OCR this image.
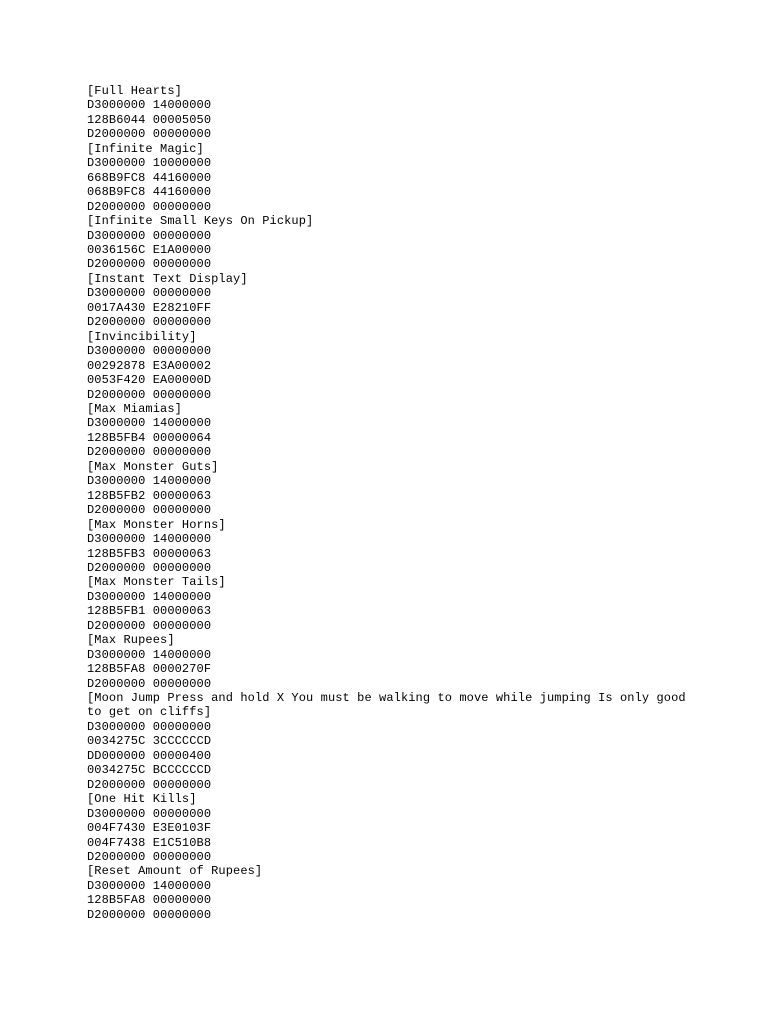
[Full Hearts]
D3000000 14000000
128B6044 00005050
D2000000 00000000
[Infinite Magic]
D3000000 10000000
668B9FC8 44160000
068B9FC8 44160000
D2000000 00000000
[Infinite Small Keys On Pickup]
D3000000 00000000
0036156C E1A00000
D2000000 00000000
[Instant Text Display]
D3000000 00000000
0017A430 E28210FF
D2000000 00000000
[Invincibility]
D3000000 00000000
00292878 E3A00002
0053F420 EA00000D
D2000000 00000000
[Max Miamias]
D3000000 14000000
128B5FB4 00000064
D2000000 00000000
[Max Monster Guts]
D3000000 14000000
128B5FB2 00000063
D2000000 00000000
[Max Monster Horns]
D3000000 14000000
128B5FB3 00000063
D2000000 00000000
[Max Monster Tails]
D3000000 14000000
128B5FB1 00000063
D2000000 00000000
[Max Rupees]
D3000000 14000000
128B5FA8 0000270F
D2000000 00000000
[Moon Jump Press and hold X You must be walking to move while jumping Is only good to get on cliffs]
D3000000 00000000
0034275C 3CCCCCCD
DD000000 00000400
0034275C BCCCCCCD
D2000000 00000000
[One Hit Kills]
D3000000 00000000
004F7430 E3E0103F
004F7438 E1C510B8
D2000000 00000000
[Reset Amount of Rupees]
D3000000 14000000
128B5FA8 00000000
D2000000 00000000
